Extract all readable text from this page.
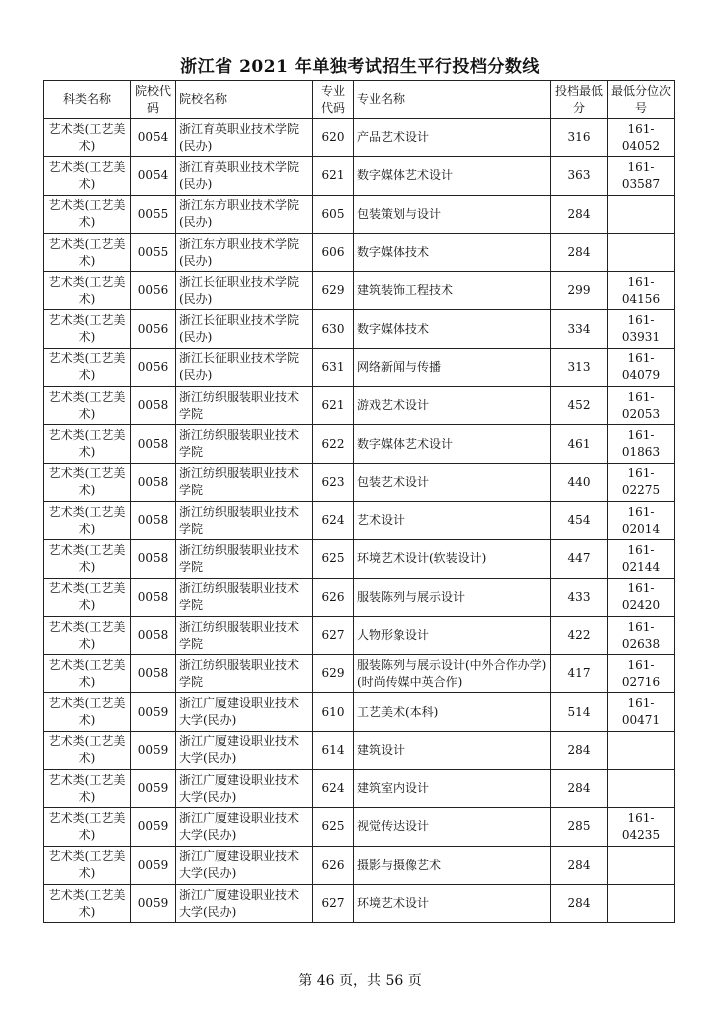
浙江省 2021 年单独考试招生平行投档分数线
科类名称	院校代码	院校名称	专业代码	专业名称	投档最低分	最低分位次号
艺术类(工艺美术)	0054	浙江育英职业技术学院(民办)	620	产品艺术设计	316	161-04052
艺术类(工艺美术)	0054	浙江育英职业技术学院(民办)	621	数字媒体艺术设计	363	161-03587
艺术类(工艺美术)	0055	浙江东方职业技术学院(民办)	605	包装策划与设计	284	
艺术类(工艺美术)	0055	浙江东方职业技术学院(民办)	606	数字媒体技术	284	
艺术类(工艺美术)	0056	浙江长征职业技术学院(民办)	629	建筑装饰工程技术	299	161-04156
艺术类(工艺美术)	0056	浙江长征职业技术学院(民办)	630	数字媒体技术	334	161-03931
艺术类(工艺美术)	0056	浙江长征职业技术学院(民办)	631	网络新闻与传播	313	161-04079
艺术类(工艺美术)	0058	浙江纺织服装职业技术学院	621	游戏艺术设计	452	161-02053
艺术类(工艺美术)	0058	浙江纺织服装职业技术学院	622	数字媒体艺术设计	461	161-01863
艺术类(工艺美术)	0058	浙江纺织服装职业技术学院	623	包装艺术设计	440	161-02275
艺术类(工艺美术)	0058	浙江纺织服装职业技术学院	624	艺术设计	454	161-02014
艺术类(工艺美术)	0058	浙江纺织服装职业技术学院	625	环境艺术设计(软装设计)	447	161-02144
艺术类(工艺美术)	0058	浙江纺织服装职业技术学院	626	服装陈列与展示设计	433	161-02420
艺术类(工艺美术)	0058	浙江纺织服装职业技术学院	627	人物形象设计	422	161-02638
艺术类(工艺美术)	0058	浙江纺织服装职业技术学院	629	服装陈列与展示设计(中外合作办学)(时尚传媒中英合作)	417	161-02716
艺术类(工艺美术)	0059	浙江广厦建设职业技术大学(民办)	610	工艺美术(本科)	514	161-00471
艺术类(工艺美术)	0059	浙江广厦建设职业技术大学(民办)	614	建筑设计	284	
艺术类(工艺美术)	0059	浙江广厦建设职业技术大学(民办)	624	建筑室内设计	284	
艺术类(工艺美术)	0059	浙江广厦建设职业技术大学(民办)	625	视觉传达设计	285	161-04235
艺术类(工艺美术)	0059	浙江广厦建设职业技术大学(民办)	626	摄影与摄像艺术	284	
艺术类(工艺美术)	0059	浙江广厦建设职业技术大学(民办)	627	环境艺术设计	284	
第 46 页，共 56 页
